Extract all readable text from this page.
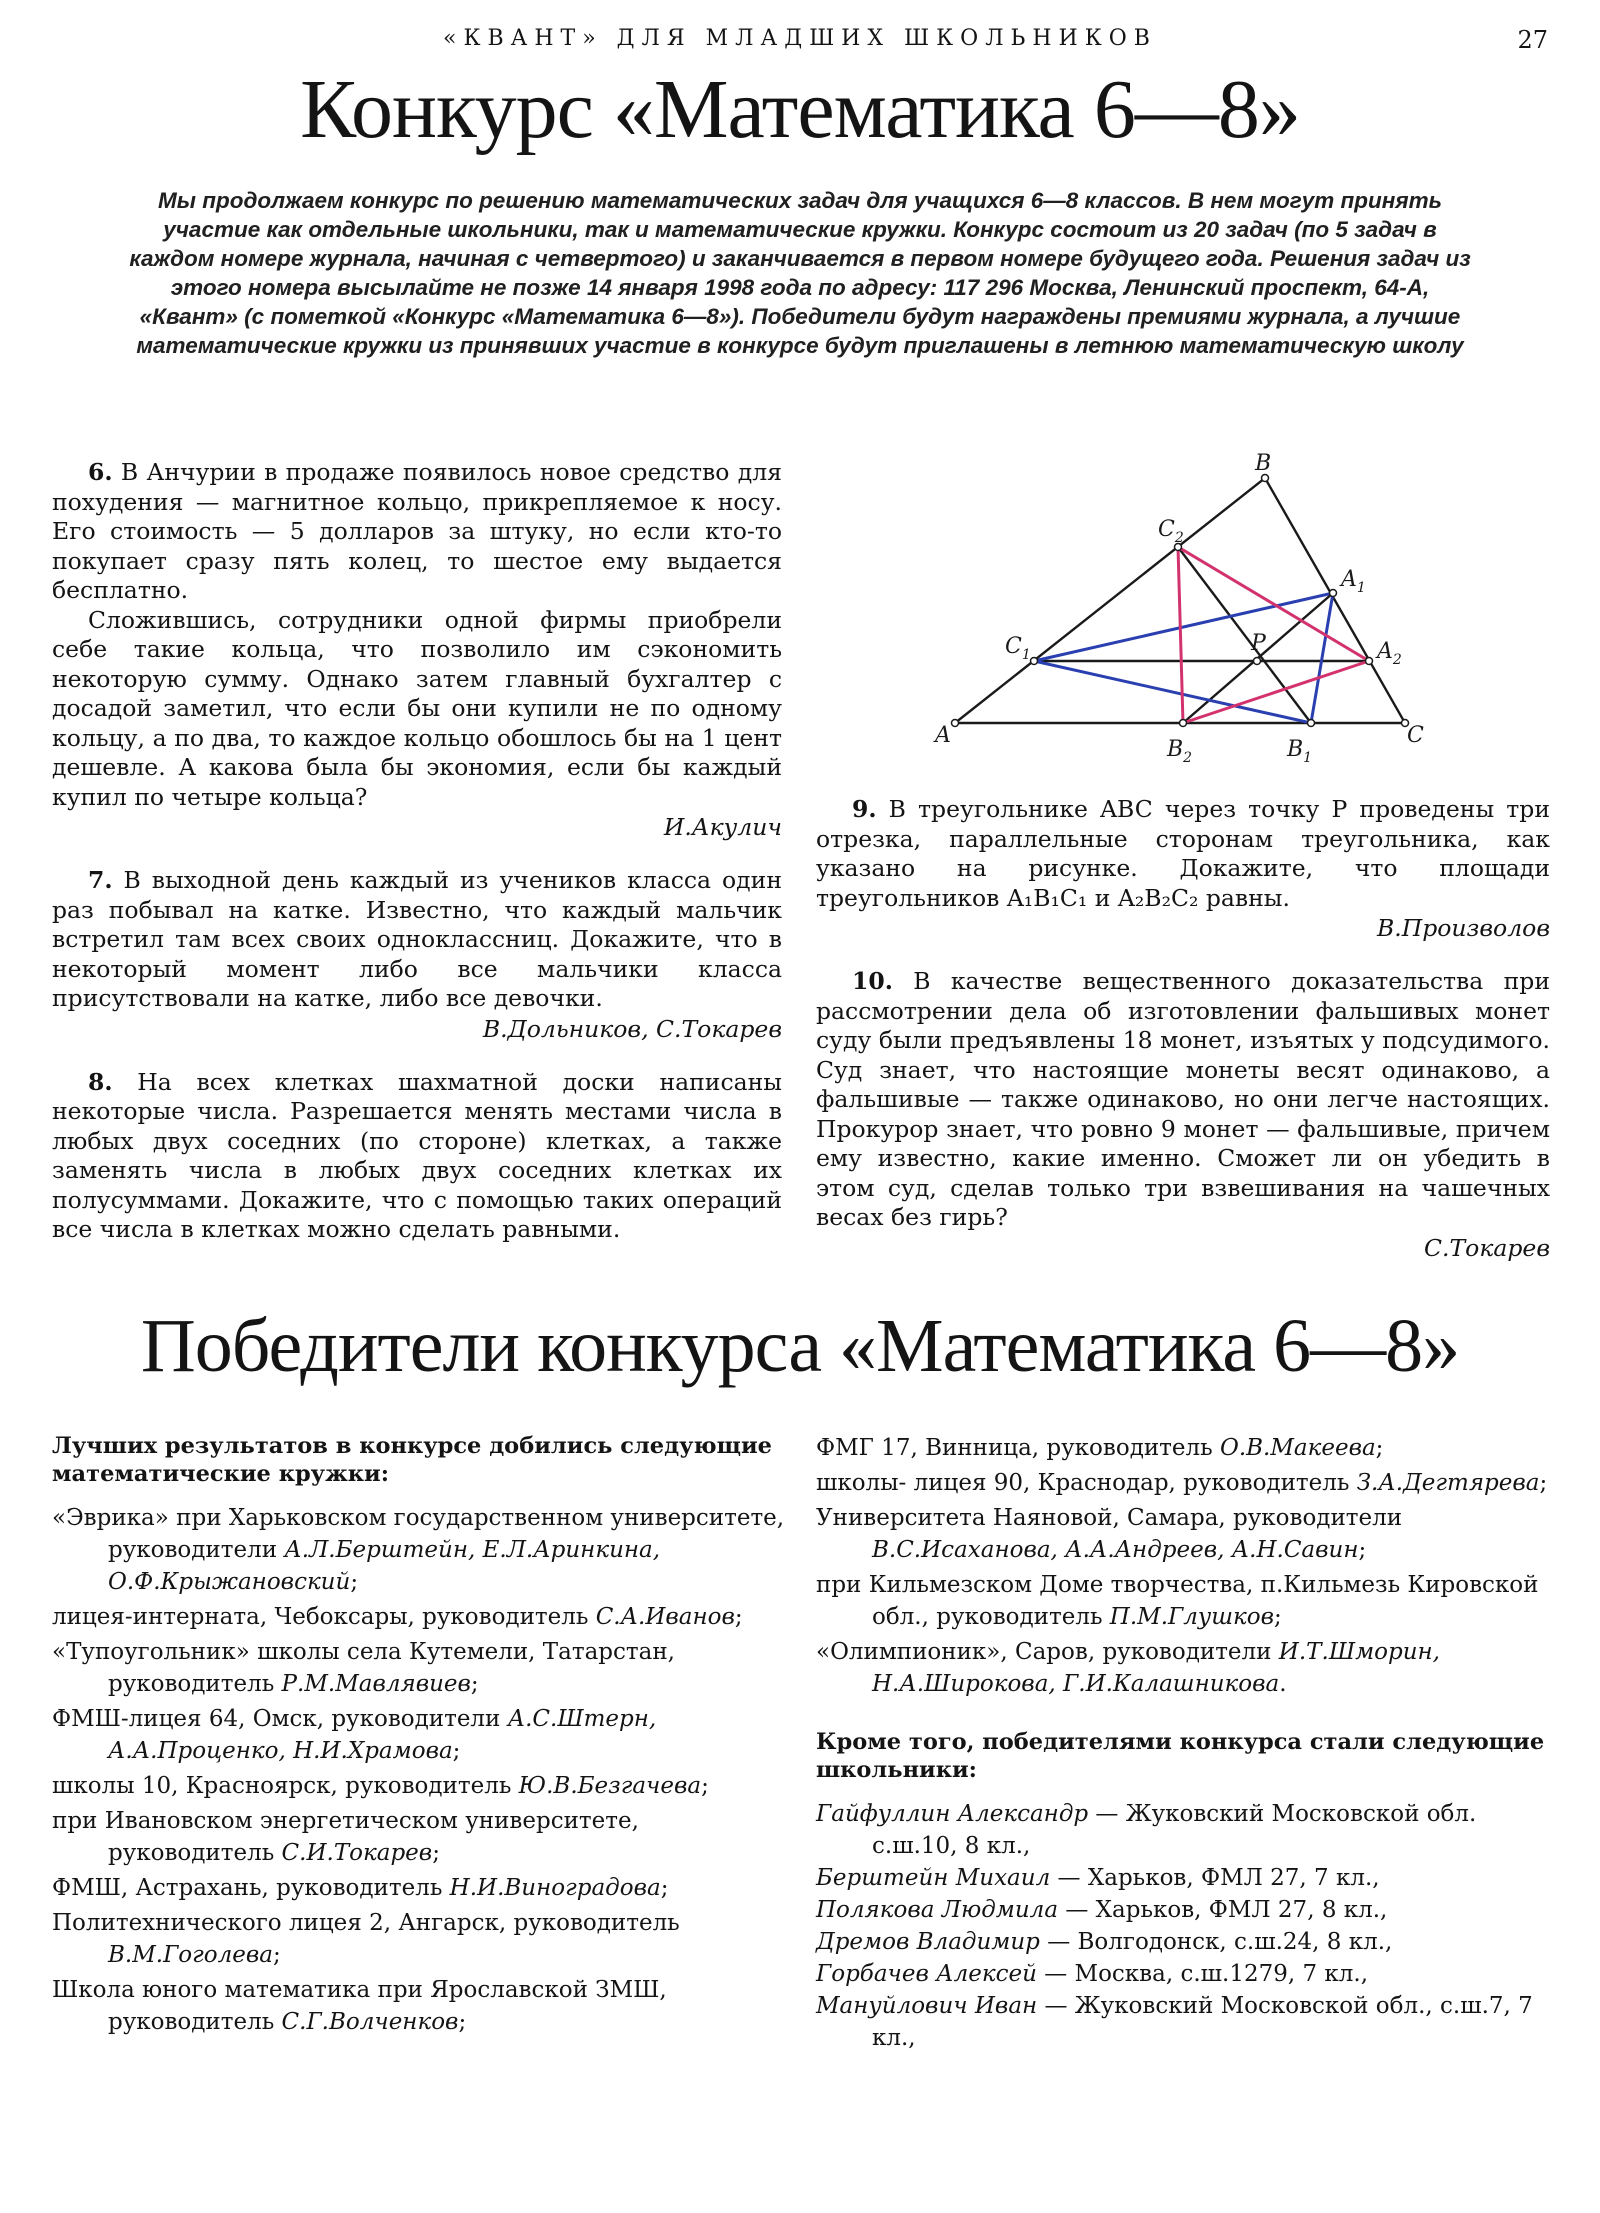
«КВАНТ» ДЛЯ МЛАДШИХ ШКОЛЬНИКОВ	27
Конкурс «Математика 6—8»
Мы продолжаем конкурс по решению математических задач для учащихся 6—8 классов. В нем могут принять участие как отдельные школьники, так и математические кружки. Конкурс состоит из 20 задач (по 5 задач в каждом номере журнала, начиная с четвертого) и заканчивается в первом номере будущего года. Решения задач из этого номера высылайте не позже 14 января 1998 года по адресу: 117 296 Москва, Ленинский проспект, 64-А, «Квант» (с пометкой «Конкурс «Математика 6—8»). Победители будут награждены премиями журнала, а лучшие математические кружки из принявших участие в конкурсе будут приглашены в летнюю математическую школу

6. В Анчурии в продаже появилось новое средство для похудения — магнитное кольцо, прикрепляемое к носу. Его стоимость — 5 долларов за штуку, но если кто-то покупает сразу пять колец, то шестое ему выдается бесплатно.

Сложившись, сотрудники одной фирмы приобрели себе такие кольца, что позволило им сэкономить некоторую сумму. Однако затем главный бухгалтер с досадой заметил, что если бы они купили не по одному кольцу, а по два, то каждое кольцо обошлось бы на 1 цент дешевле. А какова была бы экономия, если бы каждый купил по четыре кольца?

И.Акулич

7. В выходной день каждый из учеников класса один раз побывал на катке. Известно, что каждый мальчик встретил там всех своих одноклассниц. Докажите, что в некоторый момент либо все мальчики класса присутствовали на катке, либо все девочки.

В.Дольников, С.Токарев

8. На всех клетках шахматной доски написаны некоторые числа. Разрешается менять местами числа в любых двух соседних (по стороне) клетках, а также заменять числа в любых двух соседних клетках их полусуммами. Докажите, что с помощью таких операций все числа в клетках можно сделать равными.

A
B
C
P
$A_1$
$A_2$
$B_1$
$B_2$
$C_1$
$C_2$

9. В треугольнике ABC через точку P проведены три отрезка, параллельные сторонам треугольника, как указано на рисунке. Докажите, что площади треугольников A₁B₁C₁ и A₂B₂C₂ равны.

В.Произволов

10. В качестве вещественного доказательства при рассмотрении дела об изготовлении фальшивых монет суду были предъявлены 18 монет, изъятых у подсудимого. Суд знает, что настоящие монеты весят одинаково, а фальшивые — также одинаково, но они легче настоящих. Прокурор знает, что ровно 9 монет — фальшивые, причем ему известно, какие именно. Сможет ли он убедить в этом суд, сделав только три взвешивания на чашечных весах без гирь?

С.Токарев
Победители конкурса «Математика 6—8»
Лучших результатов в конкурсе добились следующие математические кружки:
«Эврика» при Харьковском государственном университете, руководители А.Л.Берштейн, Е.Л.Аринкина, О.Ф.Крыжановский;
лицея-интерната, Чебоксары, руководитель С.А.Иванов;
«Тупоугольник» школы села Кутемели, Татарстан, руководитель Р.М.Мавлявиев;
ФМШ-лицея 64, Омск, руководители А.С.Штерн, А.А.Проценко, Н.И.Храмова;
школы 10, Красноярск, руководитель Ю.В.Безгачева;
при Ивановском энергетическом университете, руководитель С.И.Токарев;
ФМШ, Астрахань, руководитель Н.И.Виноградова;
Политехнического лицея 2, Ангарск, руководитель В.М.Гоголева;
Школа юного математика при Ярославской ЗМШ, руководитель С.Г.Волченков;
ФМГ 17, Винница, руководитель О.В.Макеева;
школы- лицея 90, Краснодар, руководитель З.А.Дегтярева;
Университета Наяновой, Самара, руководители В.С.Исаханова, А.А.Андреев, А.Н.Савин;
при Кильмезском Доме творчества, п.Кильмезь Кировской обл., руководитель П.М.Глушков;
«Олимпионик», Саров, руководители И.Т.Шморин, Н.А.Широкова, Г.И.Калашникова.
Кроме того, победителями конкурса стали следующие школьники:
Гайфуллин Александр — Жуковский Московской обл. с.ш.10, 8 кл.,
Берштейн Михаил — Харьков, ФМЛ 27, 7 кл.,
Полякова Людмила — Харьков, ФМЛ 27, 8 кл.,
Дремов Владимир — Волгодонск, с.ш.24, 8 кл.,
Горбачев Алексей — Москва, с.ш.1279, 7 кл.,
Мануйлович Иван — Жуковский Московской обл., с.ш.7, 7 кл.,
